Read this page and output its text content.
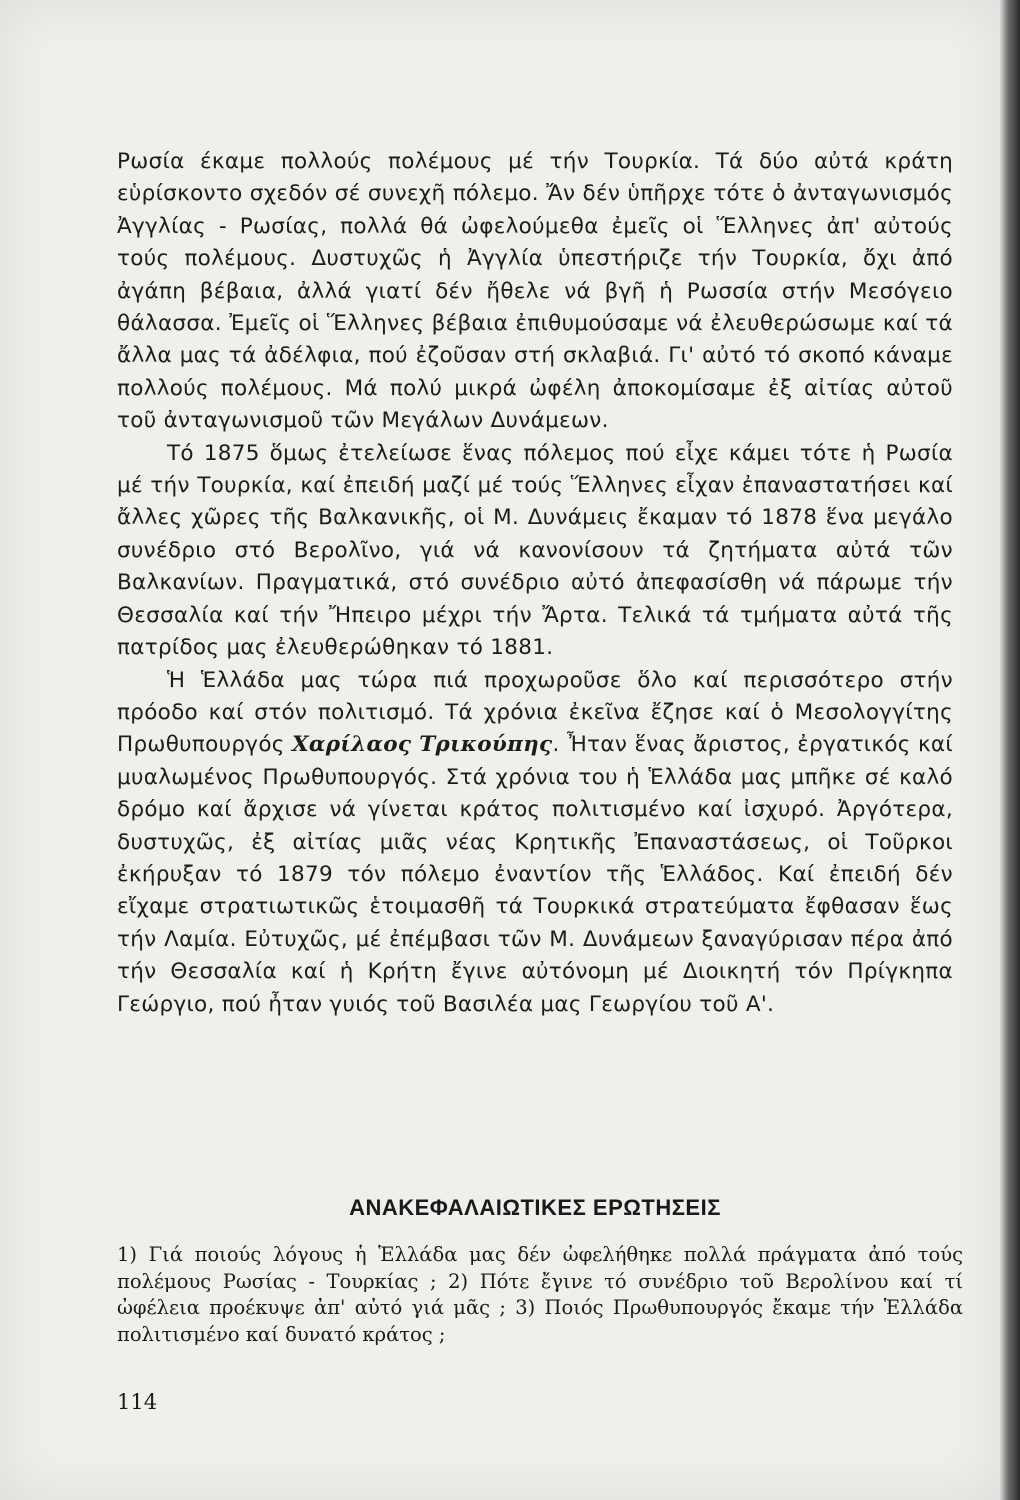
Ρωσία έκαμε πολλούς πολέμους μέ τήν Τουρκία. Τά δύο αὐτά κράτη εὑρίσκοντο σχεδόν σέ συνεχῆ πόλεμο. Ἄν δέν ὑπῆρχε τότε ὁ ἀνταγωνισμός Ἀγγλίας - Ρωσίας, πολλά θά ὠφελούμεθα ἐμεῖς οἱ Ἕλληνες ἀπ' αὐτούς τούς πολέμους. Δυστυχῶς ἡ Ἀγγλία ὑπεστήριζε τήν Τουρκία, ὄχι ἀπό ἀγάπη βέβαια, ἀλλά γιατί δέν ἤθελε νά βγῆ ἡ Ρωσσία στήν Μεσόγειο θάλασσα. Ἐμεῖς οἱ Ἕλληνες βέβαια ἐπιθυμούσαμε νά ἐλευθερώσωμε καί τά ἄλλα μας τά ἀδέλφια, πού ἐζοῦσαν στή σκλαβιά. Γι' αὐτό τό σκοπό κάναμε πολλούς πολέμους. Μά πολύ μικρά ὠφέλη ἀποκομίσαμε ἐξ αἰτίας αὐτοῦ τοῦ ἀνταγωνισμοῦ τῶν Μεγάλων Δυνάμεων.

Τό 1875 ὅμως ἐτελείωσε ἕνας πόλεμος πού εἶχε κάμει τότε ἡ Ρωσία μέ τήν Τουρκία, καί ἐπειδή μαζί μέ τούς Ἕλληνες εἶχαν ἐπαναστατήσει καί ἄλλες χῶρες τῆς Βαλκανικῆς, οἱ Μ. Δυνάμεις ἔκαμαν τό 1878 ἕνα μεγάλο συνέδριο στό Βερολῖνο, γιά νά κανονίσουν τά ζητήματα αὐτά τῶν Βαλκανίων. Πραγματικά, στό συνέδριο αὐτό ἀπεφασίσθη νά πάρωμε τήν Θεσσαλία καί τήν Ἤπειρο μέχρι τήν Ἄρτα. Τελικά τά τμήματα αὐτά τῆς πατρίδος μας ἐλευθερώθηκαν τό 1881.

Ἡ Ἑλλάδα μας τώρα πιά προχωροῦσε ὅλο καί περισσότερο στήν πρόοδο καί στόν πολιτισμό. Τά χρόνια ἐκεῖνα ἔζησε καί ὁ Μεσολογγίτης Πρωθυπουργός Χαρίλαος Τρικούπης. Ἦταν ἕνας ἄριστος, ἐργατικός καί μυαλωμένος Πρωθυπουργός. Στά χρόνια του ἡ Ἑλλάδα μας μπῆκε σέ καλό δρόμο καί ἄρχισε νά γίνεται κράτος πολιτισμένο καί ἰσχυρό. Ἀργότερα, δυστυχῶς, ἐξ αἰτίας μιᾶς νέας Κρητικῆς Ἐπαναστάσεως, οἱ Τοῦρκοι ἐκήρυξαν τό 1879 τόν πόλεμο ἐναντίον τῆς Ἑλλάδος. Καί ἐπειδή δέν εἴχαμε στρατιωτικῶς ἑτοιμασθῆ τά Τουρκικά στρατεύματα ἔφθασαν ἕως τήν Λαμία. Εὐτυχῶς, μέ ἐπέμβασι τῶν Μ. Δυνάμεων ξαναγύρισαν πέρα ἀπό τήν Θεσσαλία καί ἡ Κρήτη ἔγινε αὐτόνομη μέ Διοικητή τόν Πρίγκηπα Γεώργιο, πού ἦταν γυιός τοῦ Βασιλέα μας Γεωργίου τοῦ Α'.

ΑΝΑΚΕΦΑΛΑΙΩΤΙΚΕΣ ΕΡΩΤΗΣΕΙΣ
1) Γιά ποιούς λόγους ἡ Ἑλλάδα μας δέν ὠφελήθηκε πολλά πράγματα ἀπό τούς πολέμους Ρωσίας - Τουρκίας ; 2) Πότε ἔγινε τό συνέδριο τοῦ Βερολίνου καί τί ὠφέλεια προέκυψε ἀπ' αὐτό γιά μᾶς ; 3) Ποιός Πρωθυπουργός ἔκαμε τήν Ἑλλάδα πολιτισμένο καί δυνατό κράτος ;
114
